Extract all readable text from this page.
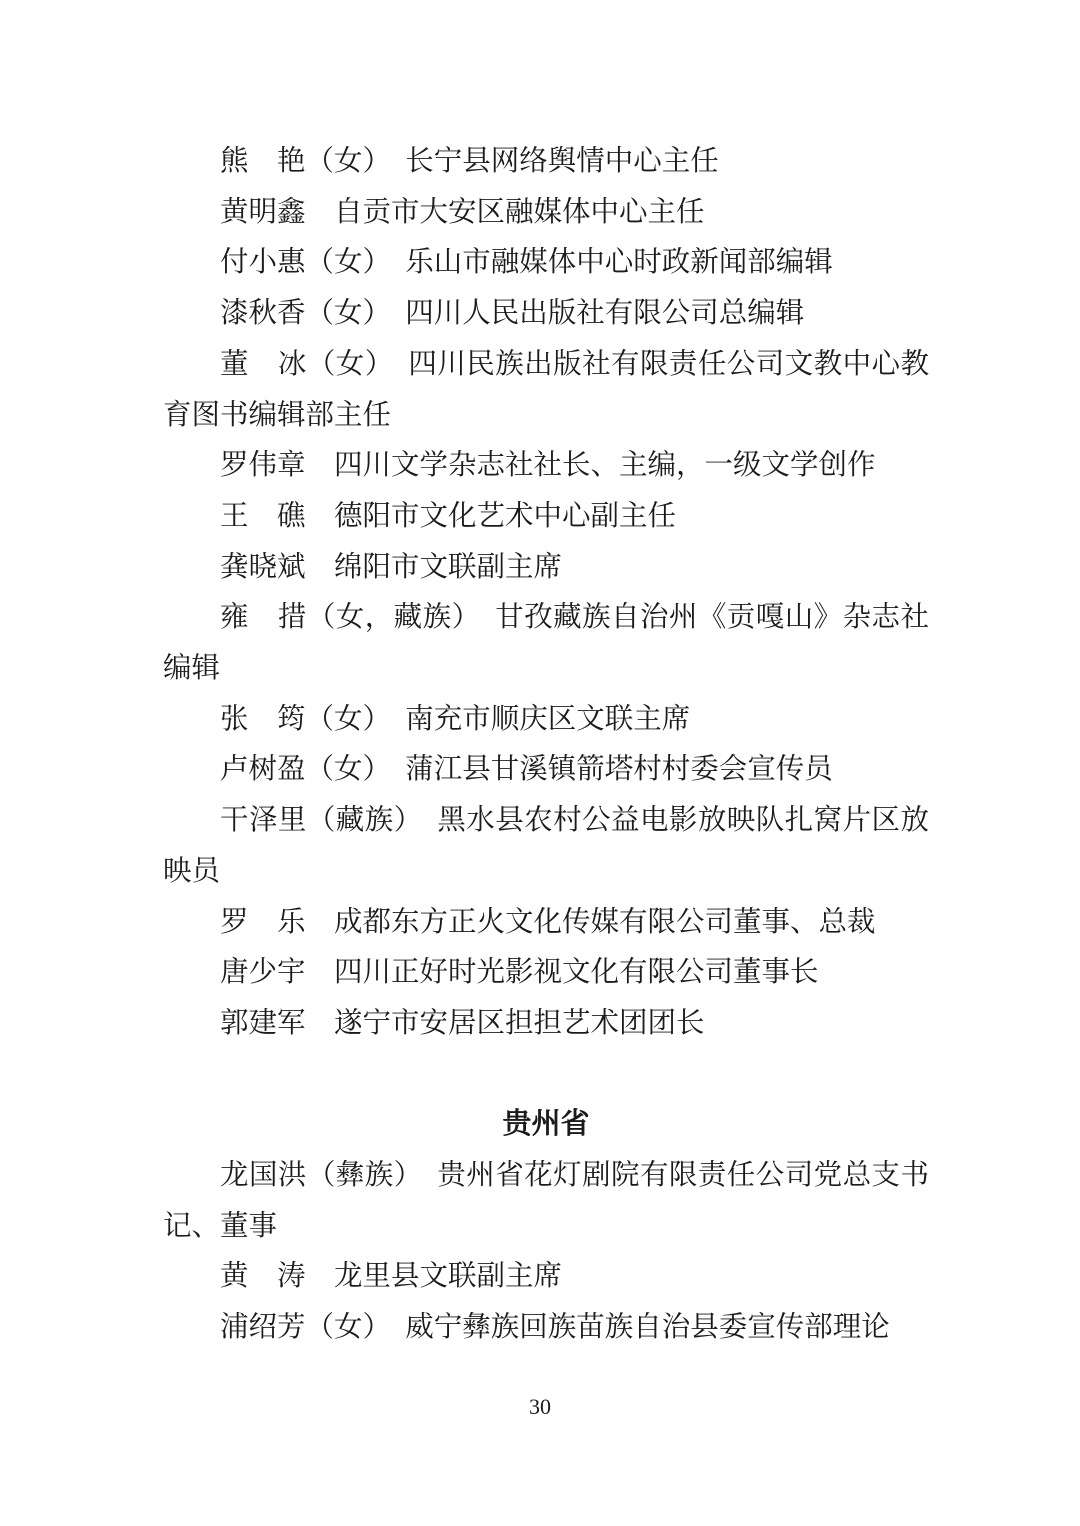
熊　艳（女）　长宁县网络舆情中心主任

黄明鑫　自贡市大安区融媒体中心主任

付小惠（女）　乐山市融媒体中心时政新闻部编辑

漆秋香（女）　四川人民出版社有限公司总编辑

董　冰（女）　四川民族出版社有限责任公司文教中心教育图书编辑部主任

罗伟章　四川文学杂志社社长、主编，一级文学创作

王　礁　德阳市文化艺术中心副主任

龚晓斌　绵阳市文联副主席

雍　措（女，藏族）　甘孜藏族自治州《贡嘎山》杂志社编辑

张　筠（女）　南充市顺庆区文联主席

卢树盈（女）　蒲江县甘溪镇箭塔村村委会宣传员

干泽里（藏族）　黑水县农村公益电影放映队扎窝片区放映员

罗　乐　成都东方正火文化传媒有限公司董事、总裁

唐少宇　四川正好时光影视文化有限公司董事长

郭建军　遂宁市安居区担担艺术团团长

贵州省

龙国洪（彝族）　贵州省花灯剧院有限责任公司党总支书记、董事

黄　涛　龙里县文联副主席

浦绍芳（女）　威宁彝族回族苗族自治县委宣传部理论

30
